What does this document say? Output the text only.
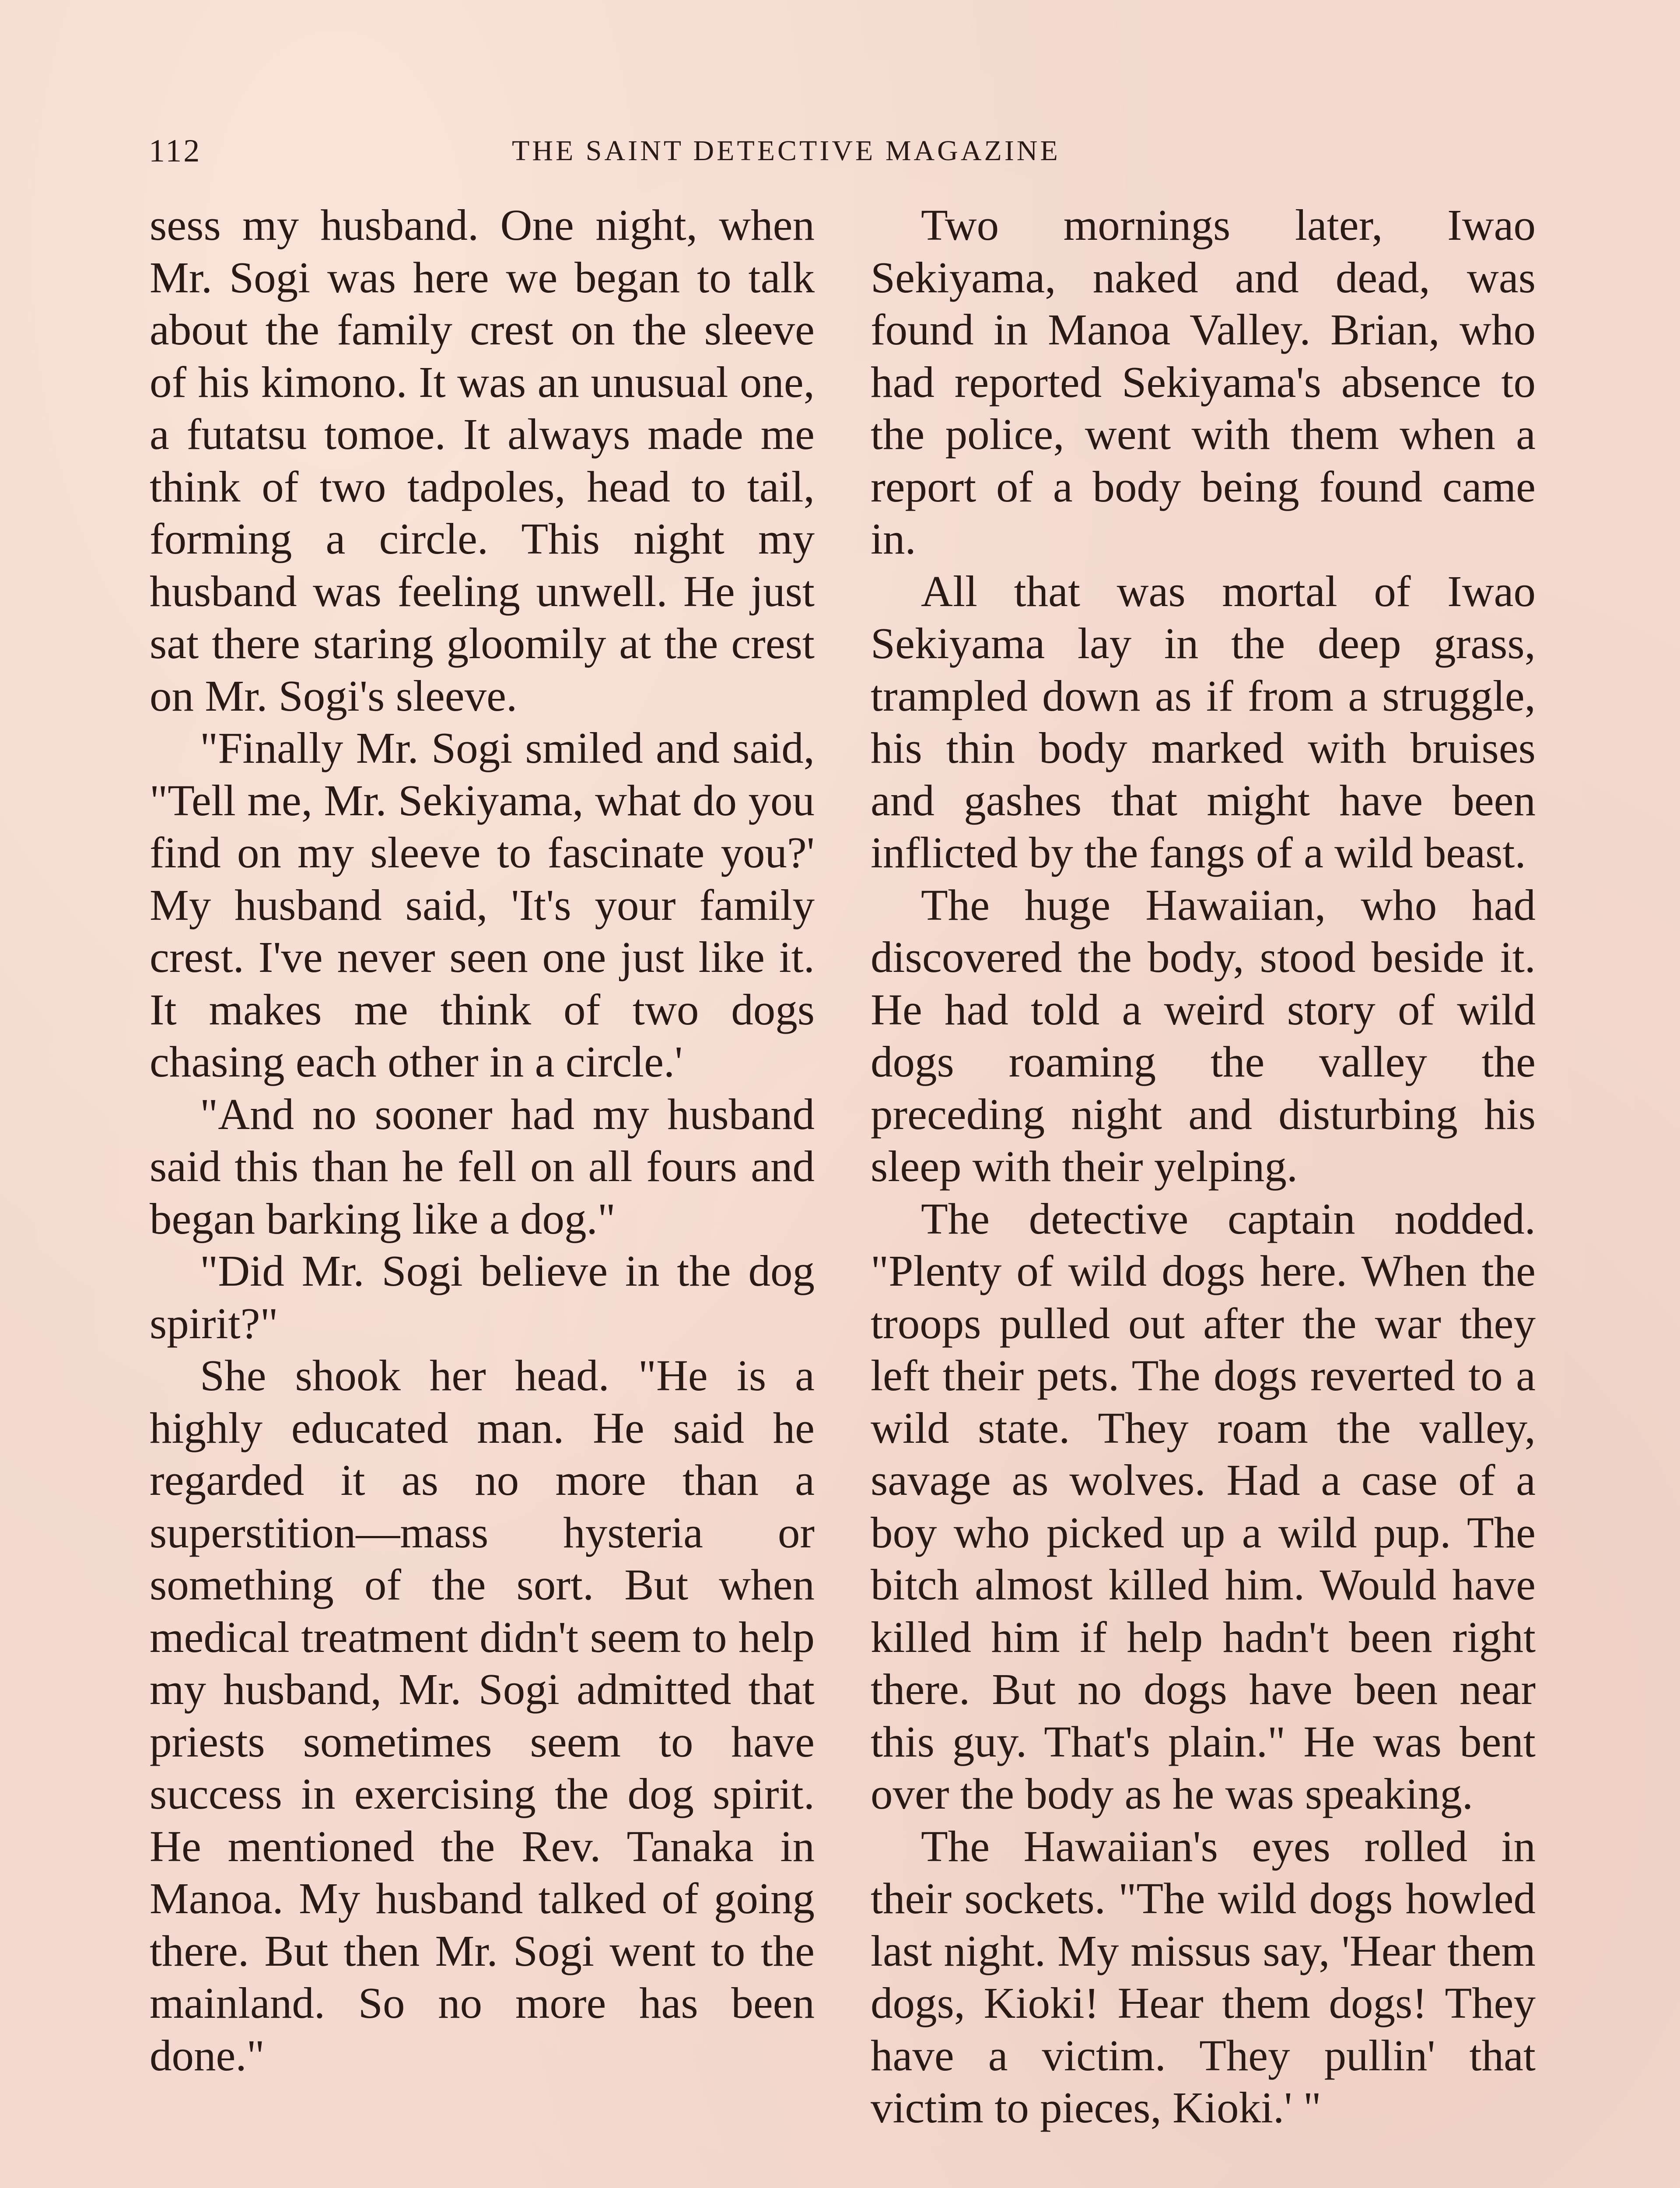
112	THE SAINT DETECTIVE MAGAZINE

sess my husband. One night, when Mr. Sogi was here we began to talk about the family crest on the sleeve of his kimono. It was an unusual one, a futatsu tomoe. It always made me think of two tadpoles, head to tail, forming a circle. This night my husband was feeling unwell. He just sat there staring gloomily at the crest on Mr. Sogi's sleeve.

"Finally Mr. Sogi smiled and said, "Tell me, Mr. Sekiyama, what do you find on my sleeve to fascinate you?' My husband said, 'It's your family crest. I've never seen one just like it. It makes me think of two dogs chasing each other in a circle.'

"And no sooner had my husband said this than he fell on all fours and began barking like a dog."

"Did Mr. Sogi believe in the dog spirit?"

She shook her head. "He is a highly educated man. He said he regarded it as no more than a superstition—mass hysteria or something of the sort. But when medical treatment didn't seem to help my husband, Mr. Sogi admitted that priests sometimes seem to have success in exercising the dog spirit. He mentioned the Rev. Tanaka in Manoa. My husband talked of going there. But then Mr. Sogi went to the mainland. So no more has been done."

Two mornings later, Iwao Sekiyama, naked and dead, was found in Manoa Valley. Brian, who had reported Sekiyama's absence to the police, went with them when a report of a body being found came in.

All that was mortal of Iwao Sekiyama lay in the deep grass, trampled down as if from a struggle, his thin body marked with bruises and gashes that might have been inflicted by the fangs of a wild beast.

The huge Hawaiian, who had discovered the body, stood beside it. He had told a weird story of wild dogs roaming the valley the preceding night and disturbing his sleep with their yelping.

The detective captain nodded. "Plenty of wild dogs here. When the troops pulled out after the war they left their pets. The dogs reverted to a wild state. They roam the valley, savage as wolves. Had a case of a boy who picked up a wild pup. The bitch almost killed him. Would have killed him if help hadn't been right there. But no dogs have been near this guy. That's plain." He was bent over the body as he was speaking.

The Hawaiian's eyes rolled in their sockets. "The wild dogs howled last night. My missus say, 'Hear them dogs, Kioki! Hear them dogs! They have a victim. They pullin' that victim to pieces, Kioki.' "
